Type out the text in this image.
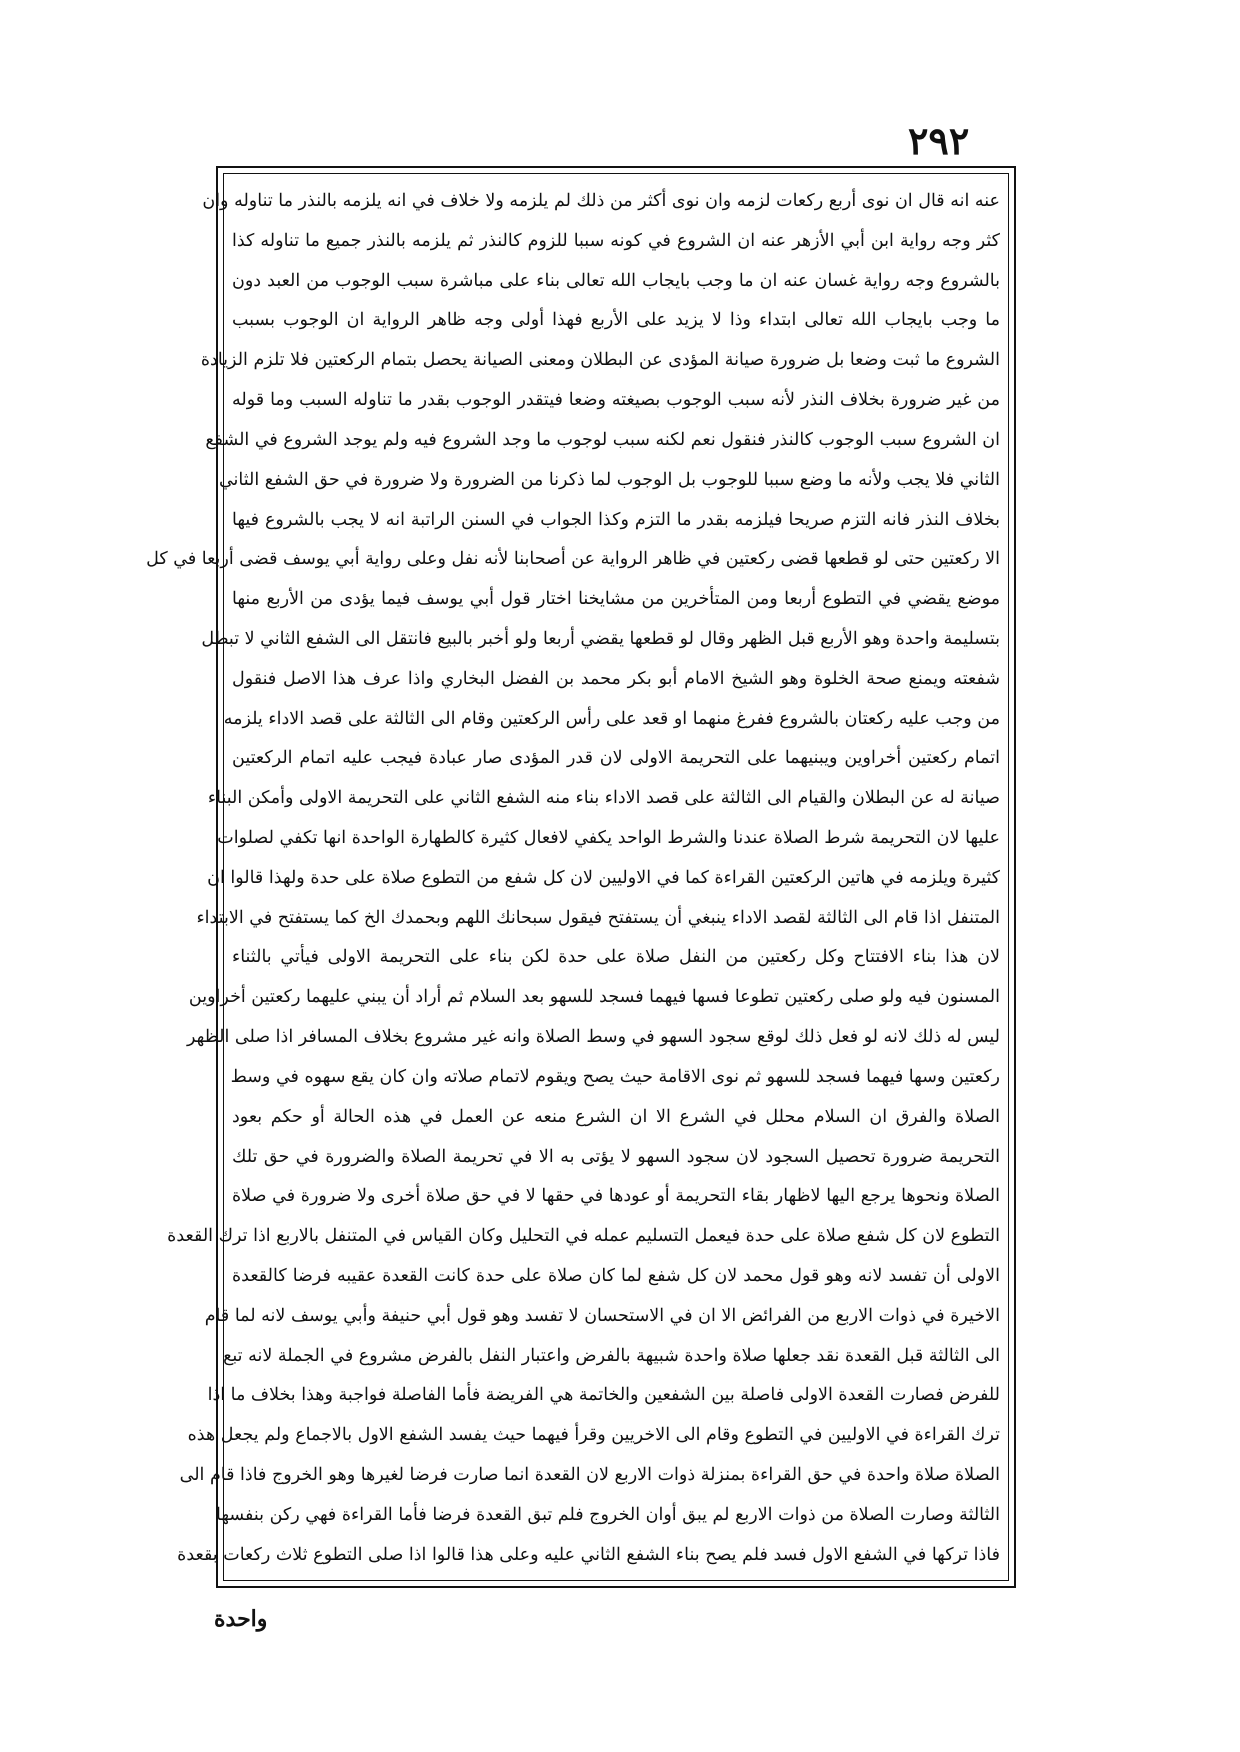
٢٩٢
عنه انه قال ان نوى أربع ركعات لزمه وان نوى أكثر من ذلك لم يلزمه ولا خلاف في انه يلزمه بالنذر ما تناوله وان
كثر وجه رواية ابن أبي الأزهر عنه ان الشروع في كونه سببا للزوم كالنذر ثم يلزمه بالنذر جميع ما تناوله كذا
بالشروع وجه رواية غسان عنه ان ما وجب بايجاب الله تعالى بناء على مباشرة سبب الوجوب من العبد دون
ما وجب بايجاب الله تعالى ابتداء وذا لا يزيد على الأربع فهذا أولى وجه ظاهر الرواية ان الوجوب بسبب
الشروع ما ثبت وضعا بل ضرورة صيانة المؤدى عن البطلان ومعنى الصيانة يحصل بتمام الركعتين فلا تلزم الزيادة
من غير ضرورة بخلاف النذر لأنه سبب الوجوب بصيغته وضعا فيتقدر الوجوب بقدر ما تناوله السبب وما قوله
ان الشروع سبب الوجوب كالنذر فنقول نعم لكنه سبب لوجوب ما وجد الشروع فيه ولم يوجد الشروع في الشفع
الثاني فلا يجب ولأنه ما وضع سببا للوجوب بل الوجوب لما ذكرنا من الضرورة ولا ضرورة في حق الشفع الثاني
بخلاف النذر فانه التزم صريحا فيلزمه بقدر ما التزم وكذا الجواب في السنن الراتبة انه لا يجب بالشروع فيها
الا ركعتين حتى لو قطعها قضى ركعتين في ظاهر الرواية عن أصحابنا لأنه نفل وعلى رواية أبي يوسف قضى أربعا في كل
موضع يقضي في التطوع أربعا ومن المتأخرين من مشايخنا اختار قول أبي يوسف فيما يؤدى من الأربع منها
بتسليمة واحدة وهو الأربع قبل الظهر وقال لو قطعها يقضي أربعا ولو أخبر بالبيع فانتقل الى الشفع الثاني لا تبطل
شفعته ويمنع صحة الخلوة وهو الشيخ الامام أبو بكر محمد بن الفضل البخاري واذا عرف هذا الاصل فنقول
من وجب عليه ركعتان بالشروع ففرغ منهما او قعد على رأس الركعتين وقام الى الثالثة على قصد الاداء يلزمه
اتمام ركعتين أخراوين ويبنيهما على التحريمة الاولى لان قدر المؤدى صار عبادة فيجب عليه اتمام الركعتين
صيانة له عن البطلان والقيام الى الثالثة على قصد الاداء بناء منه الشفع الثاني على التحريمة الاولى وأمكن البناء
عليها لان التحريمة شرط الصلاة عندنا والشرط الواحد يكفي لافعال كثيرة كالطهارة الواحدة انها تكفي لصلوات
كثيرة ويلزمه في هاتين الركعتين القراءة كما في الاوليين لان كل شفع من التطوع صلاة على حدة ولهذا قالوا ان
المتنفل اذا قام الى الثالثة لقصد الاداء ينبغي أن يستفتح فيقول سبحانك اللهم وبحمدك الخ كما يستفتح في الابتداء
لان هذا بناء الافتتاح وكل ركعتين من النفل صلاة على حدة لكن بناء على التحريمة الاولى فيأتي بالثناء
المسنون فيه ولو صلى ركعتين تطوعا فسها فيهما فسجد للسهو بعد السلام ثم أراد أن يبني عليهما ركعتين أخراوين
ليس له ذلك لانه لو فعل ذلك لوقع سجود السهو في وسط الصلاة وانه غير مشروع بخلاف المسافر اذا صلى الظهر
ركعتين وسها فيهما فسجد للسهو ثم نوى الاقامة حيث يصح ويقوم لاتمام صلاته وان كان يقع سهوه في وسط
الصلاة والفرق ان السلام محلل في الشرع الا ان الشرع منعه عن العمل في هذه الحالة أو حكم بعود
التحريمة ضرورة تحصيل السجود لان سجود السهو لا يؤتى به الا في تحريمة الصلاة والضرورة في حق تلك
الصلاة ونحوها يرجع اليها لاظهار بقاء التحريمة أو عودها في حقها لا في حق صلاة أخرى ولا ضرورة في صلاة
التطوع لان كل شفع صلاة على حدة فيعمل التسليم عمله في التحليل وكان القياس في المتنفل بالاربع اذا ترك القعدة
الاولى أن تفسد لانه وهو قول محمد لان كل شفع لما كان صلاة على حدة كانت القعدة عقيبه فرضا كالقعدة
الاخيرة في ذوات الاربع من الفرائض الا ان في الاستحسان لا تفسد وهو قول أبي حنيفة وأبي يوسف لانه لما قام
الى الثالثة قبل القعدة نقد جعلها صلاة واحدة شبيهة بالفرض واعتبار النفل بالفرض مشروع في الجملة لانه تبع
للفرض فصارت القعدة الاولى فاصلة بين الشفعين والخاتمة هي الفريضة فأما الفاصلة فواجبة وهذا بخلاف ما اذا
ترك القراءة في الاوليين في التطوع وقام الى الاخريين وقرأ فيهما حيث يفسد الشفع الاول بالاجماع ولم يجعل هذه
الصلاة صلاة واحدة في حق القراءة بمنزلة ذوات الاربع لان القعدة انما صارت فرضا لغيرها وهو الخروج فاذا قام الى
الثالثة وصارت الصلاة من ذوات الاربع لم يبق أوان الخروج فلم تبق القعدة فرضا فأما القراءة فهي ركن بنفسها
فاذا تركها في الشفع الاول فسد فلم يصح بناء الشفع الثاني عليه وعلى هذا قالوا اذا صلى التطوع ثلاث ركعات بقعدة
واحدة
